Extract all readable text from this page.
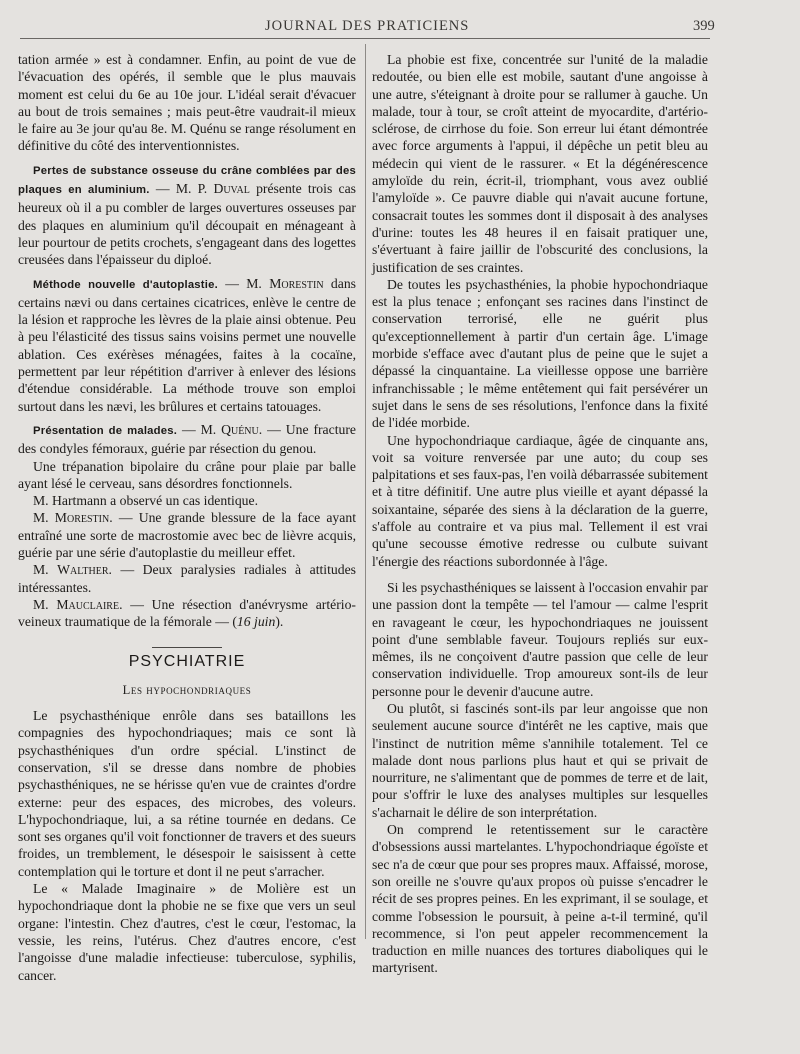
JOURNAL DES PRATICIENS	399

tation armée » est à condamner. Enfin, au point de vue de l'évacuation des opérés, il semble que le plus mauvais moment est celui du 6e au 10e jour. L'idéal serait d'évacuer au bout de trois semaines ; mais peut-être vaudrait-il mieux le faire au 3e jour qu'au 8e. M. Quénu se range résolument en définitive du côté des interventionnistes.

Pertes de substance osseuse du crâne comblées par des plaques en aluminium. — M. P. Duval présente trois cas heureux où il a pu combler de larges ouvertures osseuses par des plaques en aluminium qu'il découpait en ménageant à leur pourtour de petits crochets, s'engageant dans des logettes creusées dans l'épaisseur du diploé.

Méthode nouvelle d'autoplastie. — M. Morestin dans certains nævi ou dans certaines cicatrices, enlève le centre de la lésion et rapproche les lèvres de la plaie ainsi obtenue. Peu à peu l'élasticité des tissus sains voisins permet une nouvelle ablation. Ces exérèses ménagées, faites à la cocaïne, permettent par leur répétition d'arriver à enlever des lésions d'étendue considérable. La méthode trouve son emploi surtout dans les nævi, les brûlures et certains tatouages.

Présentation de malades. — M. Quénu. — Une fracture des condyles fémoraux, guérie par résection du genou.

Une trépanation bipolaire du crâne pour plaie par balle ayant lésé le cerveau, sans désordres fonctionnels.

M. Hartmann a observé un cas identique.

M. Morestin. — Une grande blessure de la face ayant entraîné une sorte de macrostomie avec bec de lièvre acquis, guérie par une série d'autoplastie du meilleur effet.

M. Walther. — Deux paralysies radiales à attitudes intéressantes.

M. Mauclaire. — Une résection d'anévrysme artério-veineux traumatique de la fémorale — (16 juin).

PSYCHIATRIE
Les hypochondriaques

Le psychasthénique enrôle dans ses bataillons les compagnies des hypochondriaques; mais ce sont là psychasthéniques d'un ordre spécial. L'instinct de conservation, s'il se dresse dans nombre de phobies psychasthéniques, ne se hérisse qu'en vue de craintes d'ordre externe: peur des espaces, des microbes, des voleurs. L'hypochondriaque, lui, a sa rétine tournée en dedans. Ce sont ses organes qu'il voit fonctionner de travers et des sueurs froides, un tremblement, le désespoir le saisissent à cette contemplation qui le torture et dont il ne peut s'arracher.

Le « Malade Imaginaire » de Molière est un hypochondriaque dont la phobie ne se fixe que vers un seul organe: l'intestin. Chez d'autres, c'est le cœur, l'estomac, la vessie, les reins, l'utérus. Chez d'autres encore, c'est l'angoisse d'une maladie infectieuse: tuberculose, syphilis, cancer.

La phobie est fixe, concentrée sur l'unité de la maladie redoutée, ou bien elle est mobile, sautant d'une angoisse à une autre, s'éteignant à droite pour se rallumer à gauche. Un malade, tour à tour, se croît atteint de myocardite, d'artério-sclérose, de cirrhose du foie. Son erreur lui étant démontrée avec force arguments à l'appui, il dépêche un petit bleu au médecin qui vient de le rassurer. « Et la dégénérescence amyloïde du rein, écrit-il, triomphant, vous avez oublié l'amyloïde ». Ce pauvre diable qui n'avait aucune fortune, consacrait toutes les sommes dont il disposait à des analyses d'urine: toutes les 48 heures il en faisait pratiquer une, s'évertuant à faire jaillir de l'obscurité des conclusions, la justification de ses craintes.

De toutes les psychasthénies, la phobie hypochondriaque est la plus tenace ; enfonçant ses racines dans l'instinct de conservation terrorisé, elle ne guérit plus qu'exceptionnellement à partir d'un certain âge. L'image morbide s'efface avec d'autant plus de peine que le sujet a dépassé la cinquantaine. La vieillesse oppose une barrière infranchissable ; le même entêtement qui fait persévérer un sujet dans le sens de ses résolutions, l'enfonce dans la fixité de l'idée morbide.

Une hypochondriaque cardiaque, âgée de cinquante ans, voit sa voiture renversée par une auto; du coup ses palpitations et ses faux-pas, l'en voilà débarrassée subitement et à titre définitif. Une autre plus vieille et ayant dépassé la soixantaine, séparée des siens à la déclaration de la guerre, s'affole au contraire et va pius mal. Tellement il est vrai qu'une secousse émotive redresse ou culbute suivant l'énergie des réactions subordonnée à l'âge.

Si les psychasthéniques se laissent à l'occasion envahir par une passion dont la tempête — tel l'amour — calme l'esprit en ravageant le cœur, les hypochondriaques ne jouissent point d'une semblable faveur. Toujours repliés sur eux-mêmes, ils ne conçoivent d'autre passion que celle de leur conservation individuelle. Trop amoureux sont-ils de leur personne pour le devenir d'aucune autre.

Ou plutôt, si fascinés sont-ils par leur angoisse que non seulement aucune source d'intérêt ne les captive, mais que l'instinct de nutrition même s'annihile totalement. Tel ce malade dont nous parlions plus haut et qui se privait de nourriture, ne s'alimentant que de pommes de terre et de lait, pour s'offrir le luxe des analyses multiples sur lesquelles s'acharnait le délire de son interprétation.

On comprend le retentissement sur le caractère d'obsessions aussi martelantes. L'hypochondriaque égoïste et sec n'a de cœur que pour ses propres maux. Affaissé, morose, son oreille ne s'ouvre qu'aux propos où puisse s'encadrer le récit de ses propres peines. En les exprimant, il se soulage, et comme l'obsession le poursuit, à peine a-t-il terminé, qu'il recommence, si l'on peut appeler recommencement la traduction en mille nuances des tortures diaboliques qui le martyrisent.
